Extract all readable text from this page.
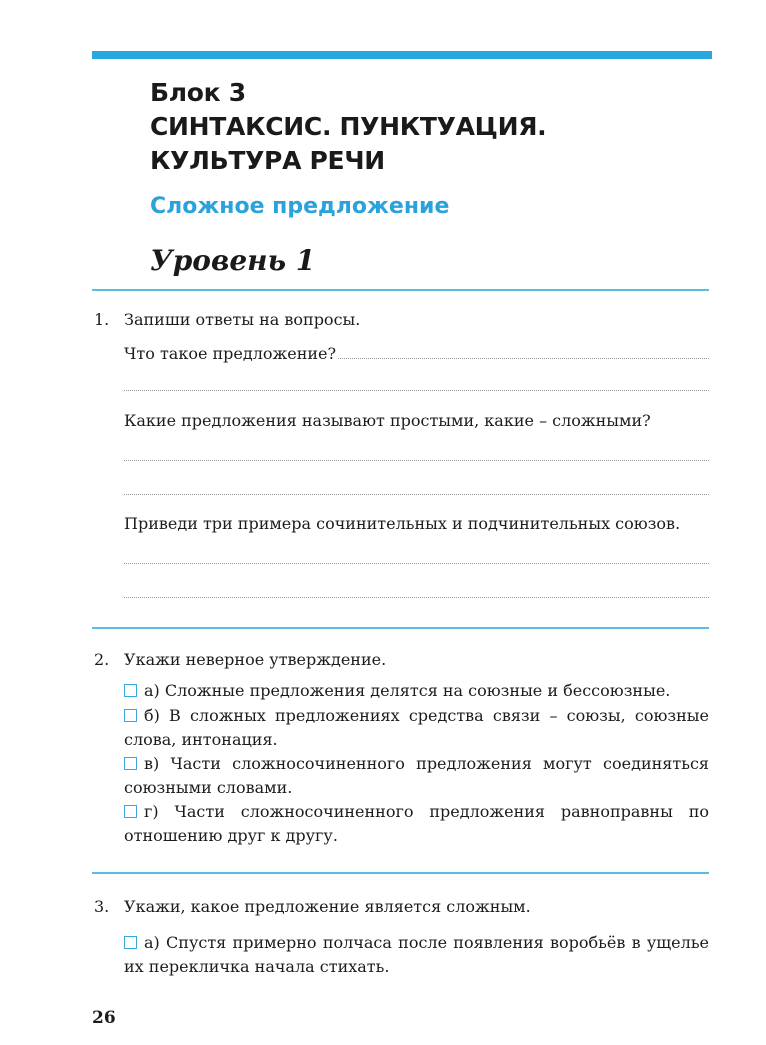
Блок 3
СИНТАКСИС. ПУНКТУАЦИЯ.
КУЛЬТУРА РЕЧИ
Сложное предложение
Уровень 1
1. Запиши ответы на вопросы.
Что такое предложение?
Какие предложения называют простыми, какие – сложными?
Приведи три примера сочинительных и подчинительных союзов.
2. Укажи неверное утверждение.
а) Сложные предложения делятся на союзные и бессоюзные.
б) В сложных предложениях средства связи – союзы, союзные
слова, интонация.
в) Части сложносочиненного предложения могут соединяться
союзными словами.
г) Части сложносочиненного предложения равноправны по
отношению друг к другу.
3. Укажи, какое предложение является сложным.
а) Спустя примерно полчаса после появления воробьёв в ущелье
их перекличка начала стихать.
26
